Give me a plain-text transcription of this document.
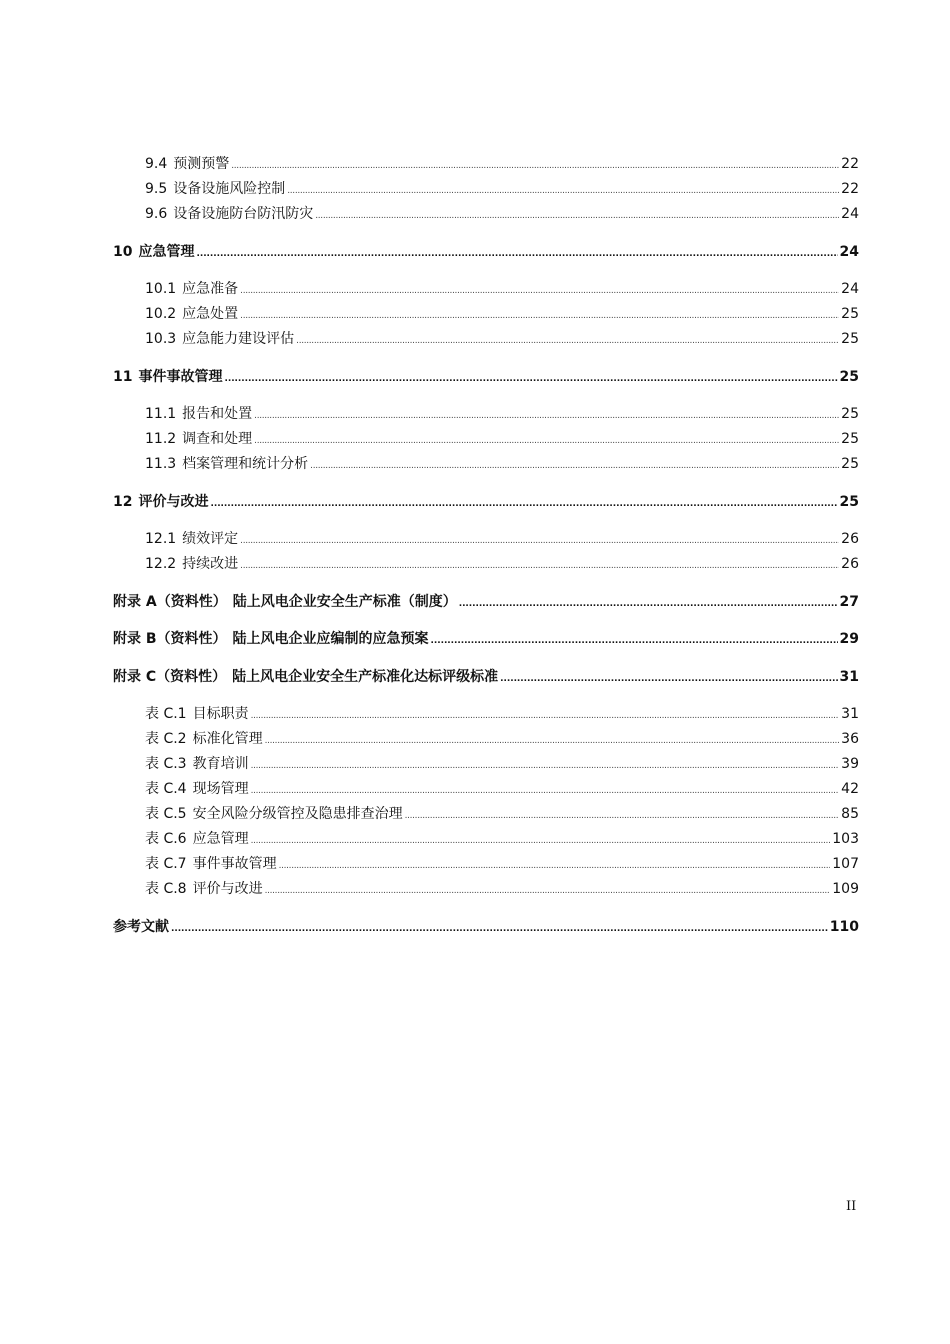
9.4 预测预警 . . .	22
9.5 设备设施风险控制 . . .	22
9.6 设备设施防台防汛防灾 . . .	24
10 应急管理 . . .	24
10.1 应急准备 . . .	24
10.2 应急处置 . . .	25
10.3 应急能力建设评估 . . .	25
11 事件事故管理 . . .	25
11.1 报告和处置 . . .	25
11.2 调查和处理 . . .	25
11.3 档案管理和统计分析 . . .	25
12 评价与改进 . . .	25
12.1 绩效评定 . . .	26
12.2 持续改进 . . .	26
附录 A（资料性） 陆上风电企业安全生产标准（制度） . . .	27
附录 B（资料性） 陆上风电企业应编制的应急预案 . . .	29
附录 C（资料性） 陆上风电企业安全生产标准化达标评级标准 . . .	31
表 C.1 目标职责 . . .	31
表 C.2 标准化管理 . . .	36
表 C.3 教育培训 . . .	39
表 C.4 现场管理 . . .	42
表 C.5 安全风险分级管控及隐患排查治理 . . .	85
表 C.6 应急管理 . . .	103
表 C.7 事件事故管理 . . .	107
表 C.8 评价与改进 . . .	109
参考文献 . . .	110
II
